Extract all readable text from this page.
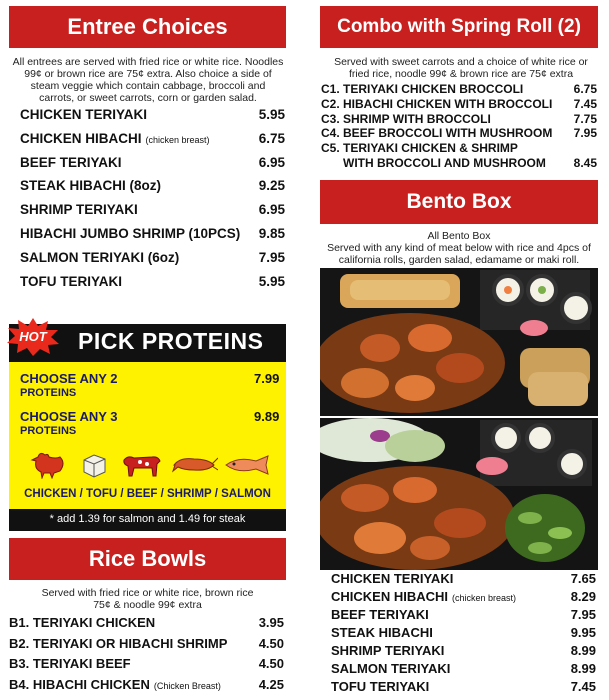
Entree Choices
All entrees are served with fried rice or white rice. Noodles 99¢ or brown rice are 75¢ extra. Also choice a side of steam veggie which contain cabbage, broccoli and carrots, or sweet carrots, corn or garden salad.
CHICKEN TERIYAKI	5.95
CHICKEN HIBACHI (chicken breast)	6.75
BEEF TERIYAKI	6.95
STEAK HIBACHI (8oz)	9.25
SHRIMP TERIYAKI	6.95
HIBACHI JUMBO SHRIMP (10PCS) 9.85
SALMON TERIYAKI (6oz)	7.95
TOFU TERIYAKI	5.95
HOT	PICK PROTEINS
CHOOSE ANY 2
PROTEINS
7.99
CHOOSE ANY 3
PROTEINS
9.89
CHICKEN / TOFU / BEEF / SHRIMP / SALMON
* add 1.39 for salmon and 1.49 for steak
Rice Bowls
Served with fried rice or white rice, brown rice 75¢ & noodle 99¢ extra
B1. TERIYAKI CHICKEN	3.95
B2. TERIYAKI OR HIBACHI SHRIMP	4.50
B3. TERIYAKI BEEF	4.50
B4. HIBACHI CHICKEN (Chicken Breast)	4.25
Combo with Spring Roll (2)
Served with sweet carrots and a choice of white rice or fried rice, noodle 99¢ & brown rice are 75¢ extra
C1. TERIYAKI CHICKEN BROCCOLI	6.75
C2. HIBACHI CHICKEN WITH BROCCOLI 7.45
C3. SHRIMP WITH BROCCOLI	7.75
C4. BEEF BROCCOLI WITH MUSHROOM 7.95
C5. TERIYAKI CHICKEN & SHRIMP
WITH BROCCOLI AND MUSHROOM 8.45
Bento Box
All Bento Box
Served with any kind of meat below with rice and 4pcs of california rolls, garden salad, edamame or maki roll.
CHICKEN TERIYAKI	7.65
CHICKEN HIBACHI (chicken breast)	8.29
BEEF TERIYAKI	7.95
STEAK HIBACHI	9.95
SHRIMP TERIYAKI	8.99
SALMON TERIYAKI	8.99
TOFU TERIYAKI	7.45
